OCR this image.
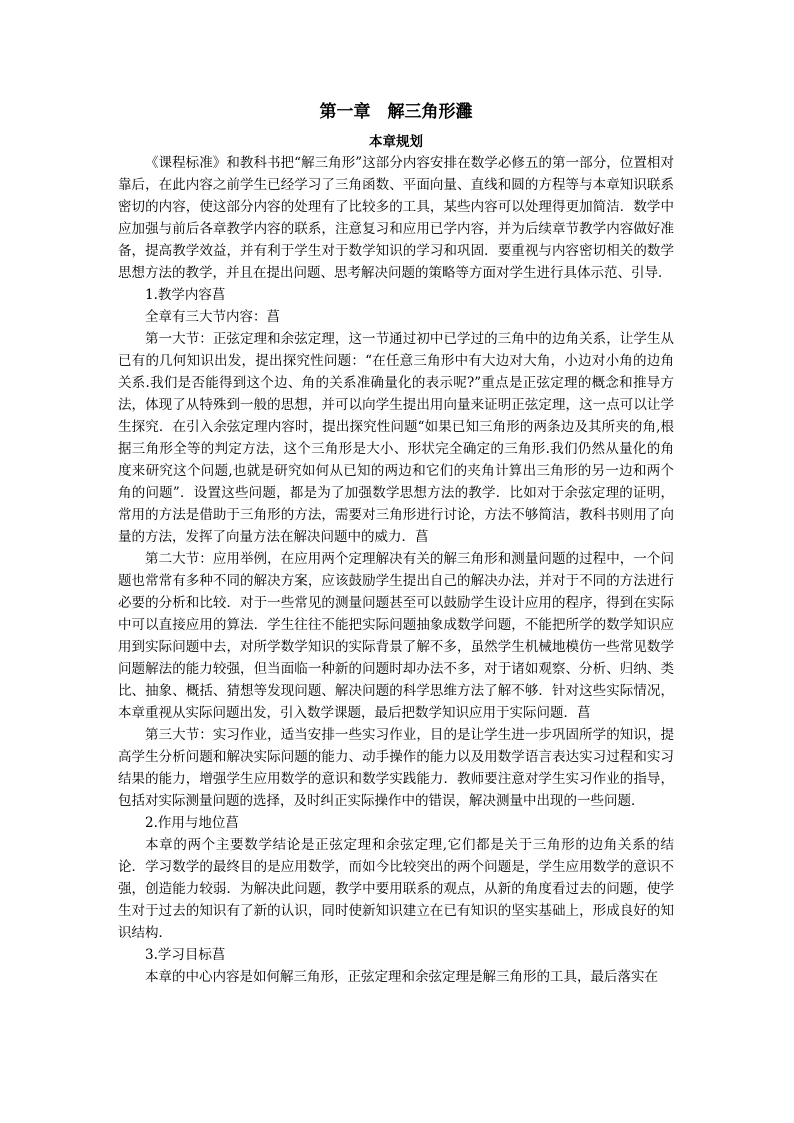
第一章　解三角形灉
本章规划

《课程标准》和教科书把“解三角形”这部分内容安排在数学必修五的第一部分，位置相对靠后，在此内容之前学生已经学习了三角函数、平面向量、直线和圆的方程等与本章知识联系密切的内容，使这部分内容的处理有了比较多的工具，某些内容可以处理得更加简洁．数学中应加强与前后各章教学内容的联系，注意复习和应用已学内容，并为后续章节教学内容做好准备，提高教学效益，并有利于学生对于数学知识的学习和巩固．要重视与内容密切相关的数学思想方法的教学，并且在提出问题、思考解决问题的策略等方面对学生进行具体示范、引导．

1.教学内容菖

全章有三大节内容：菖

第一大节：正弦定理和余弦定理，这一节通过初中已学过的三角中的边角关系，让学生从已有的几何知识出发，提出探究性问题：“在任意三角形中有大边对大角，小边对小角的边角关系.我们是否能得到这个边、角的关系准确量化的表示呢?”重点是正弦定理的概念和推导方法，体现了从特殊到一般的思想，并可以向学生提出用向量来证明正弦定理，这一点可以让学生探究．在引入余弦定理内容时，提出探究性问题“如果已知三角形的两条边及其所夹的角,根据三角形全等的判定方法，这个三角形是大小、形状完全确定的三角形.我们仍然从量化的角度来研究这个问题,也就是研究如何从已知的两边和它们的夹角计算出三角形的另一边和两个角的问题”．设置这些问题，都是为了加强数学思想方法的教学．比如对于余弦定理的证明，常用的方法是借助于三角形的方法，需要对三角形进行讨论，方法不够简洁，教科书则用了向量的方法，发挥了向量方法在解决问题中的威力．菖

第二大节：应用举例，在应用两个定理解决有关的解三角形和测量问题的过程中，一个问题也常常有多种不同的解决方案，应该鼓励学生提出自己的解决办法，并对于不同的方法进行必要的分析和比较．对于一些常见的测量问题甚至可以鼓励学生设计应用的程序，得到在实际中可以直接应用的算法．学生往往不能把实际问题抽象成数学问题，不能把所学的数学知识应用到实际问题中去，对所学数学知识的实际背景了解不多，虽然学生机械地模仿一些常见数学问题解法的能力较强，但当面临一种新的问题时却办法不多，对于诸如观察、分析、归纳、类比、抽象、概括、猜想等发现问题、解决问题的科学思维方法了解不够．针对这些实际情况，本章重视从实际问题出发，引入数学课题，最后把数学知识应用于实际问题．菖

第三大节：实习作业，适当安排一些实习作业，目的是让学生进一步巩固所学的知识，提高学生分析问题和解决实际问题的能力、动手操作的能力以及用数学语言表达实习过程和实习结果的能力，增强学生应用数学的意识和数学实践能力．教师要注意对学生实习作业的指导，包括对实际测量问题的选择，及时纠正实际操作中的错误，解决测量中出现的一些问题．

2.作用与地位菖

本章的两个主要数学结论是正弦定理和余弦定理,它们都是关于三角形的边角关系的结论．学习数学的最终目的是应用数学，而如今比较突出的两个问题是，学生应用数学的意识不强，创造能力较弱．为解决此问题，教学中要用联系的观点，从新的角度看过去的问题，使学生对于过去的知识有了新的认识，同时使新知识建立在已有知识的坚实基础上，形成良好的知识结构．

3.学习目标菖

本章的中心内容是如何解三角形，正弦定理和余弦定理是解三角形的工具，最后落实在
